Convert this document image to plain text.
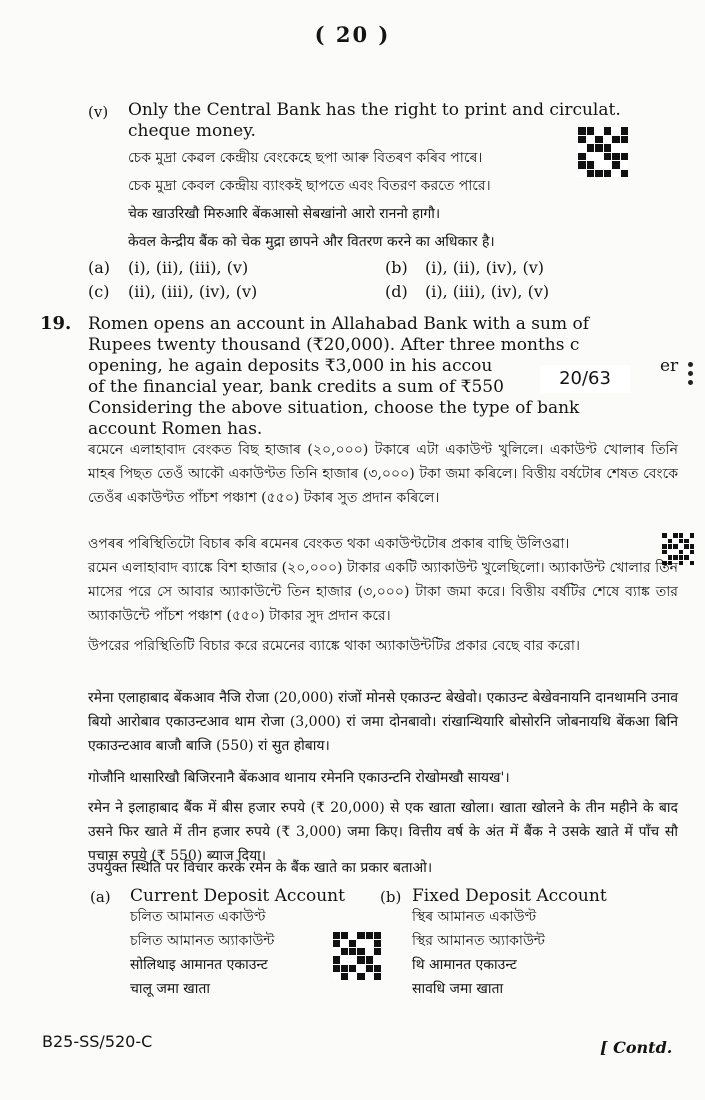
( 20 )
(v) Only the Central Bank has the right to print and circulat.
cheque money.
চেক মুদ্ৰা কেৱল কেন্দ্ৰীয় বেংকেহে ছপা আৰু বিতৰণ কৰিব পাৰে।
চেক মুদ্রা কেবল কেন্দ্রীয় ব্যাংকই ছাপতে এবং বিতরণ করতে পারে।
चेक खाउरिखौ मिरुआरि बेंकआसो सेबखांनो आरो राननो हागौ।
केवल केन्द्रीय बैंक को चेक मुद्रा छापने और वितरण करने का अधिकार है।
(a) (i), (ii), (iii), (v)	(b) (i), (ii), (iv), (v)
(c) (ii), (iii), (iv), (v)	(d) (i), (iii), (iv), (v)
19. Romen opens an account in Allahabad Bank with a sum of
Rupees twenty thousand (₹20,000). After three months c
opening, he again deposits ₹3,000 in his accou	er
of the financial year, bank credits a sum of ₹550
Considering the above situation, choose the type of bank
account Romen has.
20/63
ৰমেনে এলাহাবাদ বেংকত বিছ হাজাৰ (২০,০০০) টকাৰে এটা একাউণ্ট খুলিলে। একাউণ্ট খোলাৰ তিনি মাহৰ পিছত তেওঁ আকৌ একাউণ্টত তিনি হাজাৰ (৩,০০০) টকা জমা কৰিলে। বিত্তীয় বৰ্ষটোৰ শেষত বেংকে তেওঁৰ একাউণ্টত পাঁচশ পঞ্চাশ (৫৫০) টকাৰ সুত প্ৰদান কৰিলে।
ওপৰৰ পৰিস্থিতিটো বিচাৰ কৰি ৰমেনৰ বেংকত থকা একাউণ্টটোৰ প্ৰকাৰ বাছি উলিওৱা।
রমেন এলাহাবাদ ব্যাঙ্কে বিশ হাজার (২০,০০০) টাকার একটি অ্যাকাউন্ট খুলেছিলো। অ্যাকাউন্ট খোলার তিন মাসের পরে সে আবার অ্যাকাউন্টে তিন হাজার (৩,০০০) টাকা জমা করে। বিত্তীয় বর্ষটির শেষে ব্যাঙ্ক তার অ্যাকাউন্টে পাঁচশ পঞ্চাশ (৫৫০) টাকার সুদ প্রদান করে।
উপরের পরিস্থিতিটি বিচার করে রমেনের ব্যাঙ্কে থাকা অ্যাকাউন্টটির প্রকার বেছে বার করো।
रमेना एलाहाबाद बेंकआव नैजि रोजा (20,000) रांजों मोनसे एकाउन्ट बेखेवो। एकाउन्ट बेखेवनायनि दानथामनि उनाव बियो आरोबाव एकाउन्टआव थाम रोजा (3,000) रां जमा दोनबावो। रांखान्थियारि बोसोरनि जोबनायथि बेंकआ बिनि एकाउन्टआव बाजौ बाजि (550) रां सुत होबाय।
गोजौनि थासारिखौ बिजिरनानै बेंकआव थानाय रमेननि एकाउन्टनि रोखोमखौ सायख'।
रमेन ने इलाहाबाद बैंक में बीस हजार रुपये (₹ 20,000) से एक खाता खोला। खाता खोलने के तीन महीने के बाद उसने फिर खाते में तीन हजार रुपये (₹ 3,000) जमा किए। वित्तीय वर्ष के अंत में बैंक ने उसके खाते में पाँच सौ पचास रुपये (₹ 550) ब्याज दिया।
उपर्युक्त स्थिति पर विचार करके रमेन के बैंक खाते का प्रकार बताओ।
(a) Current Deposit Account
চলিত আমানত একাউণ্ট
চলিত আমানত অ্যাকাউন্ট
सोलिथाइ आमानत एकाउन्ट
चालू जमा खाता
(b) Fixed Deposit Account
স্থিৰ আমানত একাউণ্ট
স্থির আমানত অ্যাকাউন্ট
थि आमानत एकाउन्ट
सावधि जमा खाता
B25-SS/520-C	[ Contd.
